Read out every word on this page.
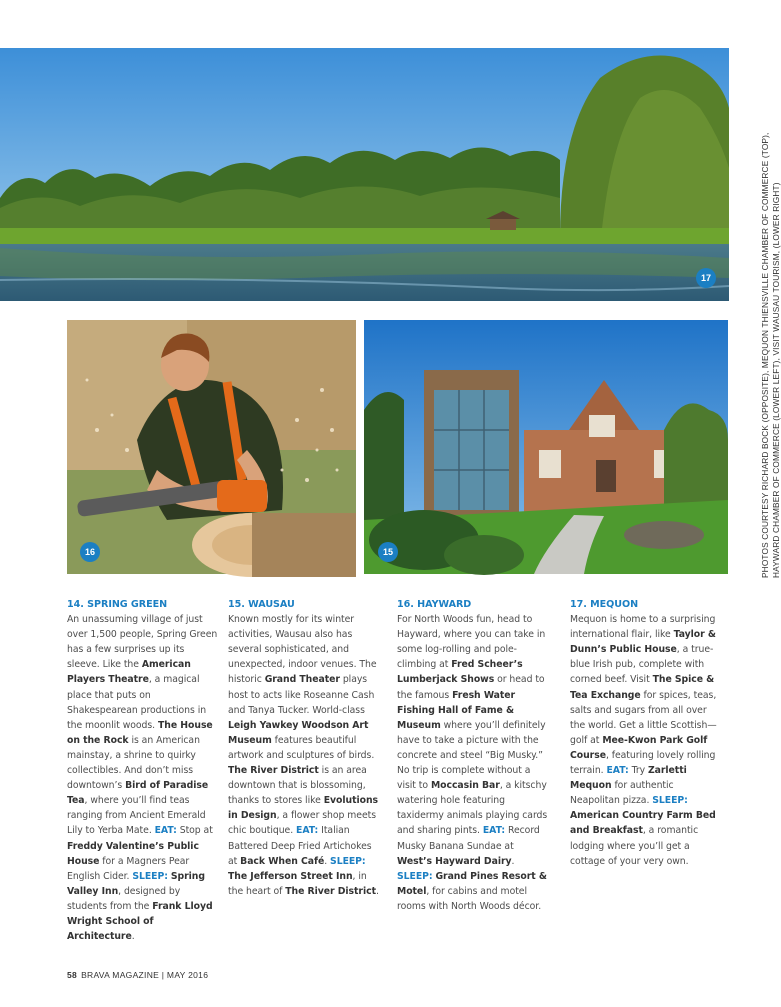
17
16	15	PHOTOS COURTESY RICHARD BOCK (OPPOSITE), MEQUON THIENSVILLE CHAMBER OF COMMERCE (TOP), HAYWARD CHAMBER OF COMMERCE (LOWER LEFT), VISIT WAUSAU TOURISM, (LOWER RIGHT)
14. SPRING GREEN
An unassuming village of just over 1,500 people, Spring Green has a few surprises up its sleeve. Like the American Players Theatre, a magical place that puts on Shakespearean productions in the moonlit woods. The House on the Rock is an American mainstay, a shrine to quirky collectibles. And don’t miss downtown’s Bird of Paradise Tea, where you’ll find teas ranging from Ancient Emerald Lily to Yerba Mate. EAT: Stop at Freddy Valentine’s Public House for a Magners Pear English Cider. SLEEP: Spring Valley Inn, designed by students from the Frank Lloyd Wright School of Architecture.
15. WAUSAU
Known mostly for its winter activities, Wausau also has several sophisticated, and unexpected, indoor venues. The historic Grand Theater plays host to acts like Roseanne Cash and Tanya Tucker. World-class Leigh Yawkey Woodson Art Museum features beautiful artwork and sculptures of birds. The River District is an area downtown that is blossoming, thanks to stores like Evolutions in Design, a flower shop meets chic boutique. EAT: Italian Battered Deep Fried Artichokes at Back When Café. SLEEP: The Jefferson Street Inn, in the heart of The River District.
16. HAYWARD
For North Woods fun, head to Hayward, where you can take in some log-rolling and pole-climbing at Fred Scheer’s Lumberjack Shows or head to the famous Fresh Water Fishing Hall of Fame & Museum where you’ll definitely have to take a picture with the concrete and steel “Big Musky.” No trip is complete without a visit to Moccasin Bar, a kitschy watering hole featuring taxidermy animals playing cards and sharing pints. EAT: Record Musky Banana Sundae at West’s Hayward Dairy. SLEEP: Grand Pines Resort & Motel, for cabins and motel rooms with North Woods décor.
17. MEQUON
Mequon is home to a surprising international flair, like Taylor & Dunn’s Public House, a true-blue Irish pub, complete with corned beef. Visit The Spice & Tea Exchange for spices, teas, salts and sugars from all over the world. Get a little Scottish—golf at Mee-Kwon Park Golf Course, featuring lovely rolling terrain. EAT: Try Zarletti Mequon for authentic Neapolitan pizza. SLEEP: American Country Farm Bed and Breakfast, a romantic lodging where you’ll get a cottage of your very own.
58 BRAVA MAGAZINE | MAY 2016
